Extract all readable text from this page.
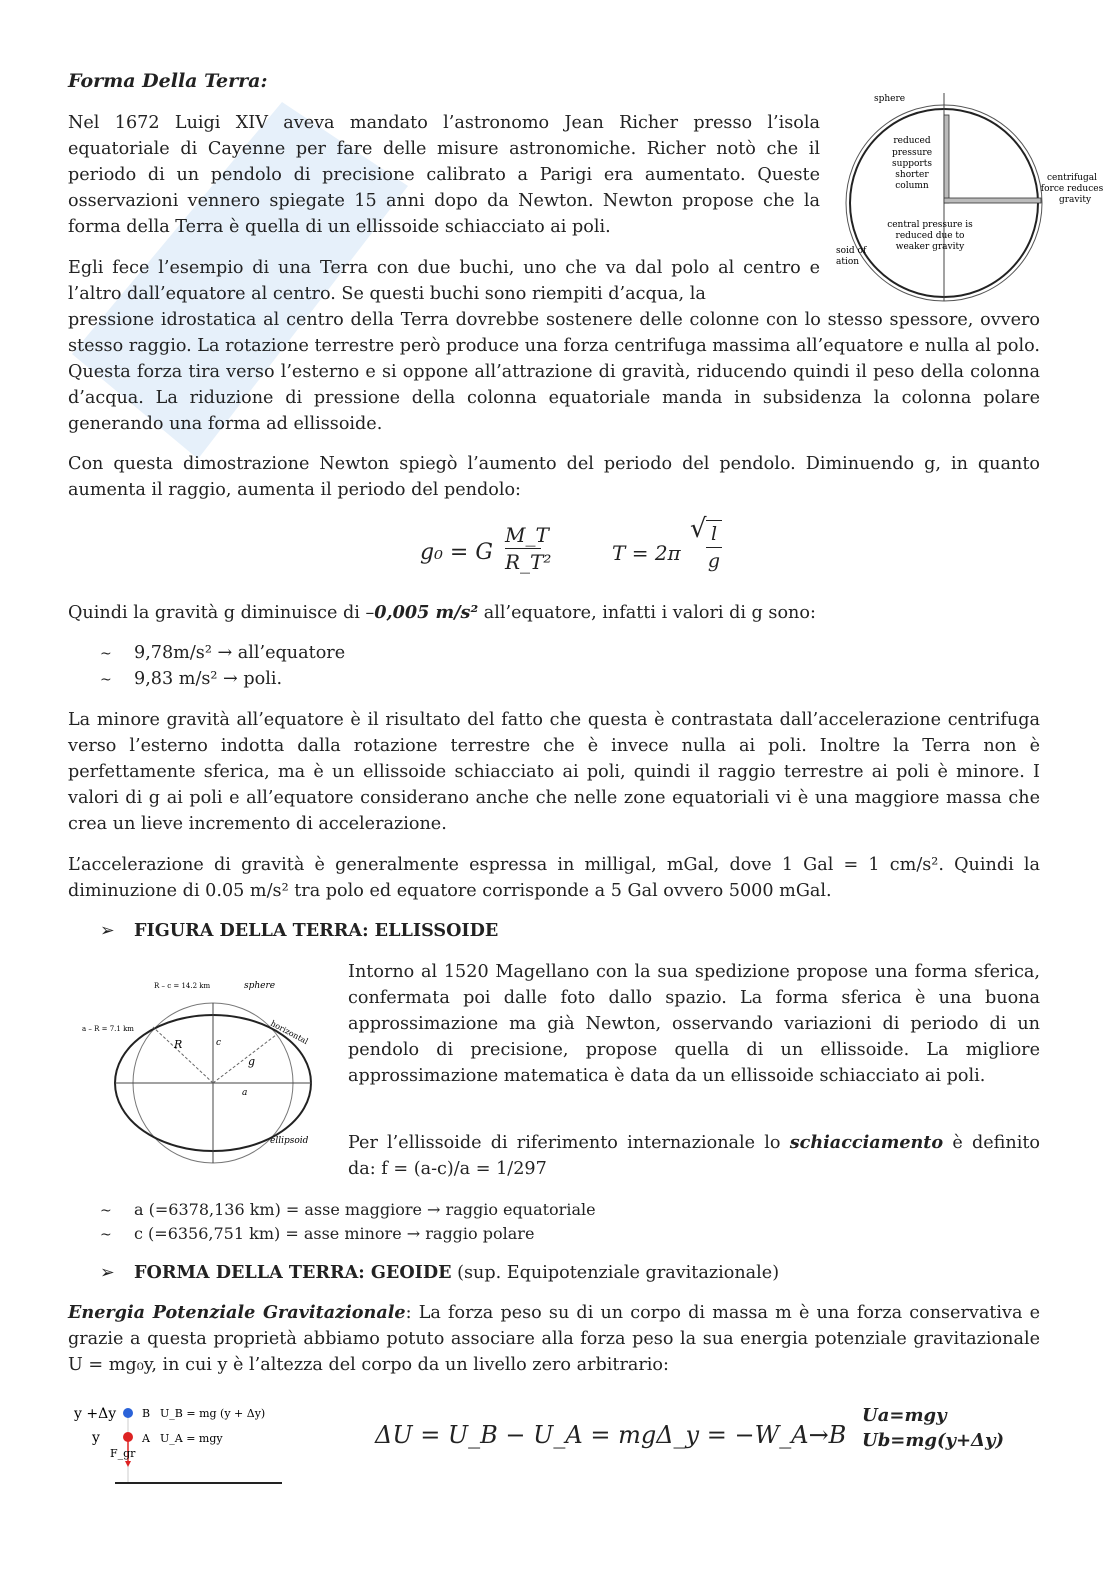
Forma Della Terra:

Nel 1672 Luigi XIV aveva mandato l’astronomo Jean Richer presso l’isola equatoriale di Cayenne per fare delle misure astronomiche. Richer notò che il periodo di un pendolo di precisione calibrato a Parigi era aumentato. Queste osservazioni vennero spiegate 15 anni dopo da Newton. Newton propose che la forma della Terra è quella di un ellissoide schiacciato ai poli.

Egli fece l’esempio di una Terra con due buchi, uno che va dal polo al centro e l’altro dall’equatore al centro. Se questi buchi sono riempiti d’acqua, la

pressione idrostatica al centro della Terra dovrebbe sostenere delle colonne con lo stesso spessore, ovvero stesso raggio. La rotazione terrestre però produce una forza centrifuga massima all’equatore e nulla al polo. Questa forza tira verso l’esterno e si oppone all’attrazione di gravità, riducendo quindi il peso della colonna d’acqua. La riduzione di pressione della colonna equatoriale manda in subsidenza la colonna polare generando una forma ad ellissoide.

sphere
reduced pressure supports shorter column
central pressure is reduced due to weaker gravity
centrifugal force reduces gravity
soid of ation

Con questa dimostrazione Newton spiegò l’aumento del periodo del pendolo. Diminuendo g, in quanto aumenta il raggio, aumenta il periodo del pendolo:

g₀ = G $\frac{M\_T}{\text{R\_T²}}$	T = 2π
√ l
g

Quindi la gravità g diminuisce di –0,005 m/s² all’equatore, infatti i valori di g sono:

~ 9,78m/s² → all’equatore
~ 9,83 m/s² → poli.

La minore gravità all’equatore è il risultato del fatto che questa è contrastata dall’accelerazione centrifuga verso l’esterno indotta dalla rotazione terrestre che è invece nulla ai poli. Inoltre la Terra non è perfettamente sferica, ma è un ellissoide schiacciato ai poli, quindi il raggio terrestre ai poli è minore. I valori di g ai poli e all’equatore considerano anche che nelle zone equatoriali vi è una maggiore massa che crea un lieve incremento di accelerazione.

L’accelerazione di gravità è generalmente espressa in milligal, mGal, dove 1 Gal = 1 cm/s². Quindi la diminuzione di 0.05 m/s² tra polo ed equatore corrisponde a 5 Gal ovvero 5000 mGal.

➢ FIGURA DELLA TERRA: ELLISSOIDE
R – c = 14.2 km	sphere
a – R = 7.1 km	horizontal
R	c
g
a
ellipsoid

Intorno al 1520 Magellano con la sua spedizione propose una forma sferica, confermata poi dalle foto dallo spazio. La forma sferica è una buona approssimazione ma già Newton, osservando variazioni di periodo di un pendolo di precisione, propose quella di un ellissoide. La migliore approssimazione matematica è data da un ellissoide schiacciato ai poli.

Per l’ellissoide di riferimento internazionale lo schiacciamento è definito da: f = (a-c)/a = 1/297

~ a (=6378,136 km) = asse maggiore → raggio equatoriale
~ c (=6356,751 km) = asse minore → raggio polare
➢ FORMA DELLA TERRA: GEOIDE (sup. Equipotenziale gravitazionale)

Energia Potenziale Gravitazionale: La forza peso su di un corpo di massa m è una forza conservativa e grazie a questa proprietà abbiamo potuto associare alla forza peso la sua energia potenziale gravitazionale U = mg₀y, in cui y è l’altezza del corpo da un livello zero arbitrario:

y +Δy
y
B U_B = mg (y + Δy)
A U_A = mgy
F_gr
ΔU = U_B − U_A = mgΔ_y = −W_A→B
Ua=mgy
Ub=mg(y+Δy)
